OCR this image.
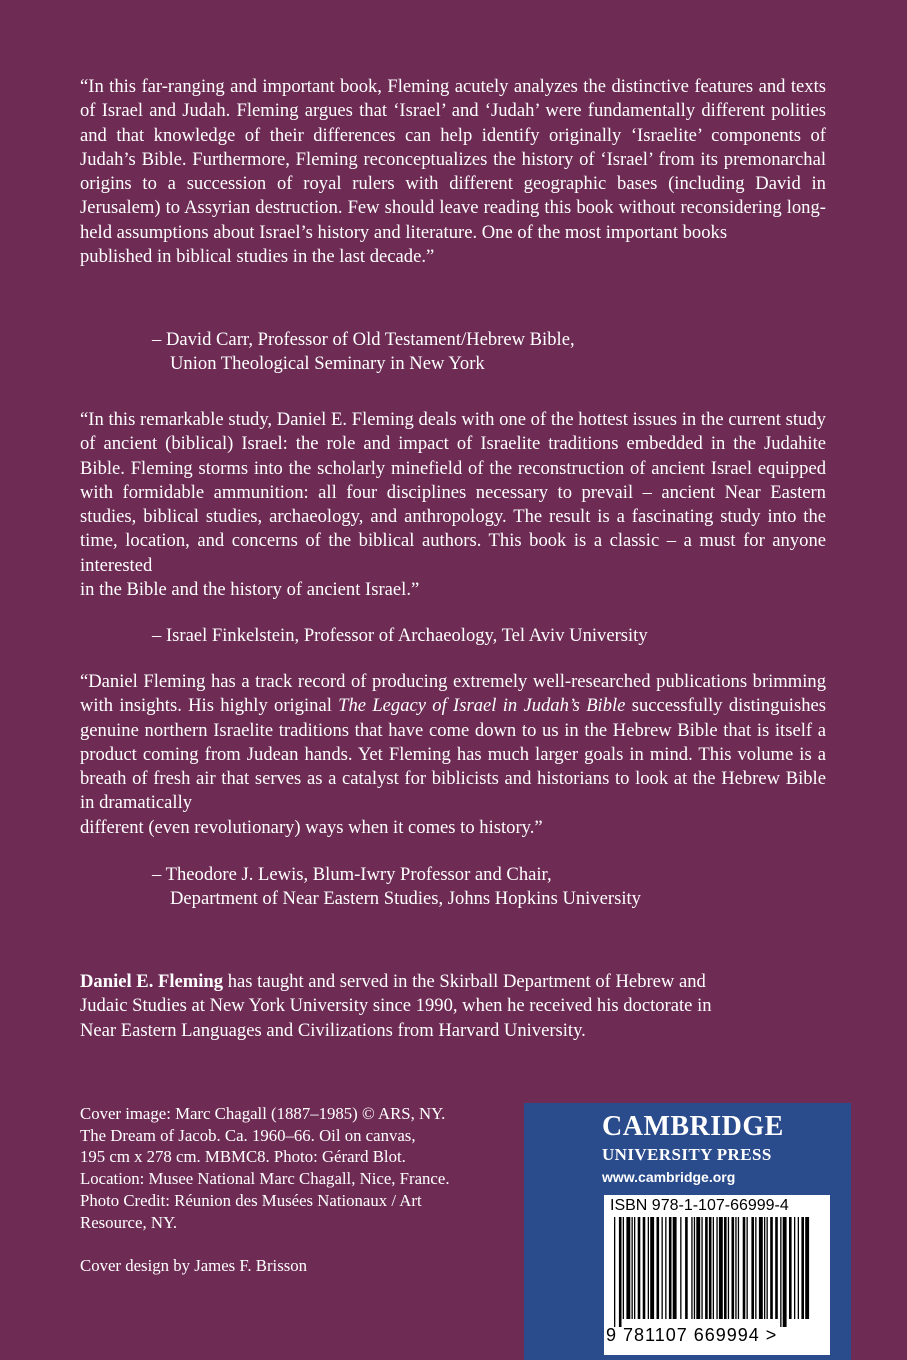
“In this far-ranging and important book, Fleming acutely analyzes the distinctive features and texts of Israel and Judah. Fleming argues that ‘Israel’ and ‘Judah’ were fundamentally different polities and that knowledge of their differences can help identify originally ‘Israelite’ components of Judah’s Bible. Furthermore, Fleming reconceptualizes the history of ‘Israel’ from its premonarchal origins to a succession of royal rulers with different geographic bases (including David in Jerusalem) to Assyrian destruction. Few should leave reading this book without reconsidering long-held assumptions about Israel’s history and literature. One of the most important books
published in biblical studies in the last decade.”

– David Carr, Professor of Old Testament/Hebrew Bible,
Union Theological Seminary in New York

“In this remarkable study, Daniel E. Fleming deals with one of the hottest issues in the current study of ancient (biblical) Israel: the role and impact of Israelite traditions embedded in the Judahite Bible. Fleming storms into the scholarly minefield of the reconstruction of ancient Israel equipped with formidable ammunition: all four disciplines necessary to prevail – ancient Near Eastern studies, biblical studies, archaeology, and anthropology. The result is a fascinating study into the time, location, and concerns of the biblical authors. This book is a classic – a must for anyone interested
in the Bible and the history of ancient Israel.”

– Israel Finkelstein, Professor of Archaeology, Tel Aviv University

“Daniel Fleming has a track record of producing extremely well-researched publications brimming with insights. His highly original The Legacy of Israel in Judah’s Bible successfully distinguishes genuine northern Israelite traditions that have come down to us in the Hebrew Bible that is itself a product coming from Judean hands. Yet Fleming has much larger goals in mind. This volume is a breath of fresh air that serves as a catalyst for biblicists and historians to look at the Hebrew Bible in dramatically
different (even revolutionary) ways when it comes to history.”

– Theodore J. Lewis, Blum-Iwry Professor and Chair,
Department of Near Eastern Studies, Johns Hopkins University

Daniel E. Fleming has taught and served in the Skirball Department of Hebrew and
Judaic Studies at New York University since 1990, when he received his doctorate in
Near Eastern Languages and Civilizations from Harvard University.
Cover image: Marc Chagall (1887–1985) © ARS, NY.
The Dream of Jacob. Ca. 1960–66. Oil on canvas,
195 cm x 278 cm. MBMC8. Photo: Gérard Blot.
Location: Musee National Marc Chagall, Nice, France.
Photo Credit: Réunion des Musées Nationaux / Art
Resource, NY.
Cover design by James F. Brisson
CAMBRIDGE
UNIVERSITY PRESS
www.cambridge.org
ISBN 978-1-107-66999-4
9 781107 669994 >
